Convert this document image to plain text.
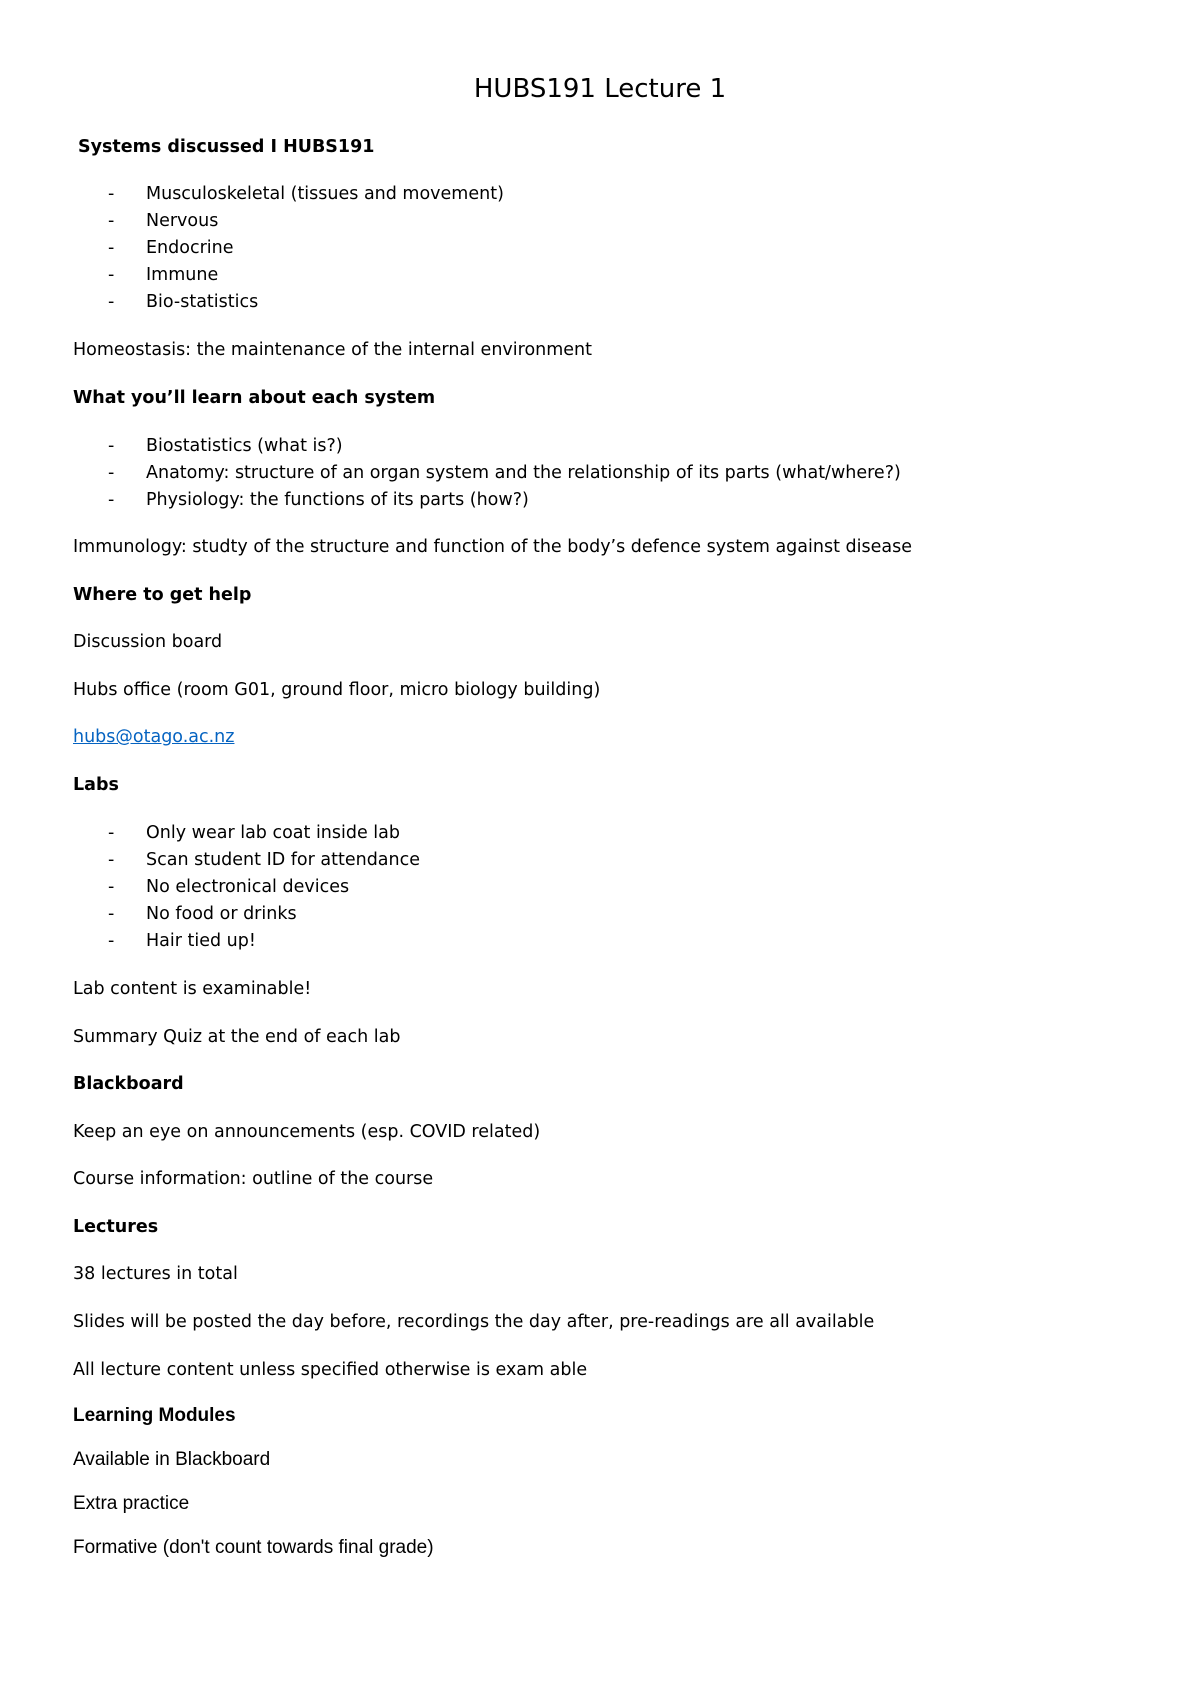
HUBS191 Lecture 1
Systems discussed I HUBS191
- Musculoskeletal (tissues and movement)
- Nervous
- Endocrine
- Immune
- Bio-statistics
Homeostasis: the maintenance of the internal environment
What you’ll learn about each system
- Biostatistics (what is?)
- Anatomy: structure of an organ system and the relationship of its parts (what/where?)
- Physiology: the functions of its parts (how?)
Immunology: studty of the structure and function of the body’s defence system against disease
Where to get help
Discussion board
Hubs office (room G01, ground floor, micro biology building)
hubs@otago.ac.nz
Labs
- Only wear lab coat inside lab
- Scan student ID for attendance
- No electronical devices
- No food or drinks
- Hair tied up!
Lab content is examinable!
Summary Quiz at the end of each lab
Blackboard
Keep an eye on announcements (esp. COVID related)
Course information: outline of the course
Lectures
38 lectures in total
Slides will be posted the day before, recordings the day after, pre-readings are all available
All lecture content unless specified otherwise is exam able
Learning Modules
Available in Blackboard
Extra practice
Formative (don't count towards final grade)
